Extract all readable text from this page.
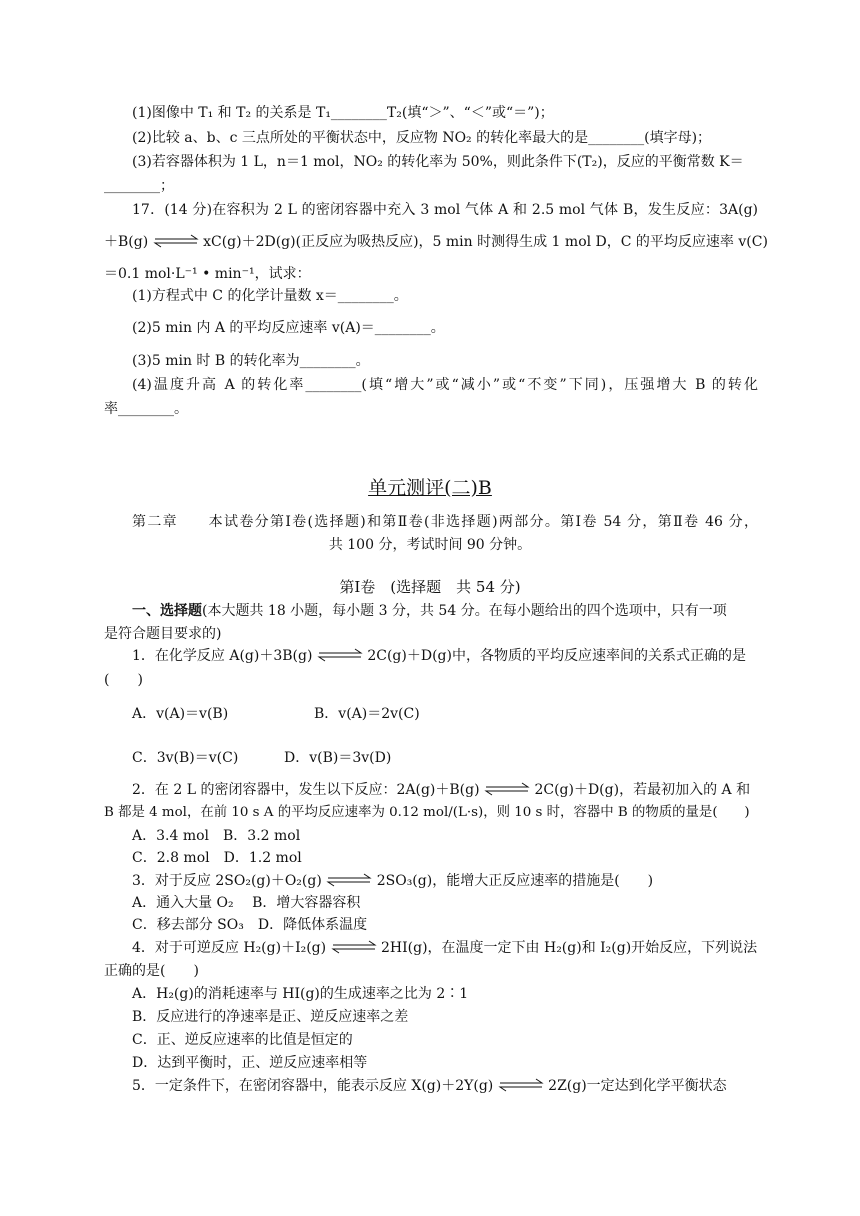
(1)图像中 T₁ 和 T₂ 的关系是 T₁________T₂(填“＞”、“＜”或“＝”)；
(2)比较 a、b、c 三点所处的平衡状态中，反应物 NO₂ 的转化率最大的是________(填字母)；
(3)若容器体积为 1 L，n＝1 mol，NO₂ 的转化率为 50%，则此条件下(T₂)，反应的平衡常数 K＝
________；
17．(14 分)在容积为 2 L 的密闭容器中充入 3 mol 气体 A 和 2.5 mol 气体 B，发生反应：3A(g)
＋B(g) ⇌ xC(g)＋2D(g)(正反应为吸热反应)，5 min 时测得生成 1 mol D，C 的平均反应速率 v(C)
＝0.1 mol·L⁻¹ • min⁻¹，试求：
(1)方程式中 C 的化学计量数 x＝________。
(2)5 min 内 A 的平均反应速率 v(A)＝________。
(3)5 min 时 B 的转化率为________。
(4)温度升高 A 的转化率________(填“增大”或“减小”或“不变”下同)，压强增大 B 的转化
率________。
单元测评(二)B
第二章　　本试卷分第Ⅰ卷(选择题)和第Ⅱ卷(非选择题)两部分。第Ⅰ卷 54 分，第Ⅱ卷 46 分，
共 100 分，考试时间 90 分钟。
第Ⅰ卷　(选择题　共 54 分)
一、选择题(本大题共 18 小题，每小题 3 分，共 54 分。在每小题给出的四个选项中，只有一项
是符合题目要求的)
1．在化学反应 A(g)＋3B(g) ⇌ 2C(g)＋D(g)中，各物质的平均反应速率间的关系式正确的是
(　　)
A．v(A)＝v(B)	B．v(A)＝2v(C)
C．3v(B)＝v(C)	D．v(B)＝3v(D)
2．在 2 L 的密闭容器中，发生以下反应：2A(g)＋B(g) ⇌ 2C(g)＋D(g)，若最初加入的 A 和
B 都是 4 mol，在前 10 s A 的平均反应速率为 0.12 mol/(L·s)，则 10 s 时，容器中 B 的物质的量是(　　)
A．3.4 mol　B．3.2 mol
C．2.8 mol　D．1.2 mol
3．对于反应 2SO₂(g)＋O₂(g) ⇌ 2SO₃(g)，能增大正反应速率的措施是(　　)
A．通入大量 O₂　 B．增大容器容积
C．移去部分 SO₃　D．降低体系温度
4．对于可逆反应 H₂(g)＋I₂(g) ⇌ 2HI(g)，在温度一定下由 H₂(g)和 I₂(g)开始反应，下列说法
正确的是(　　)
A．H₂(g)的消耗速率与 HI(g)的生成速率之比为 2∶1
B．反应进行的净速率是正、逆反应速率之差
C．正、逆反应速率的比值是恒定的
D．达到平衡时，正、逆反应速率相等
5．一定条件下，在密闭容器中，能表示反应 X(g)＋2Y(g) ⇌ 2Z(g)一定达到化学平衡状态
